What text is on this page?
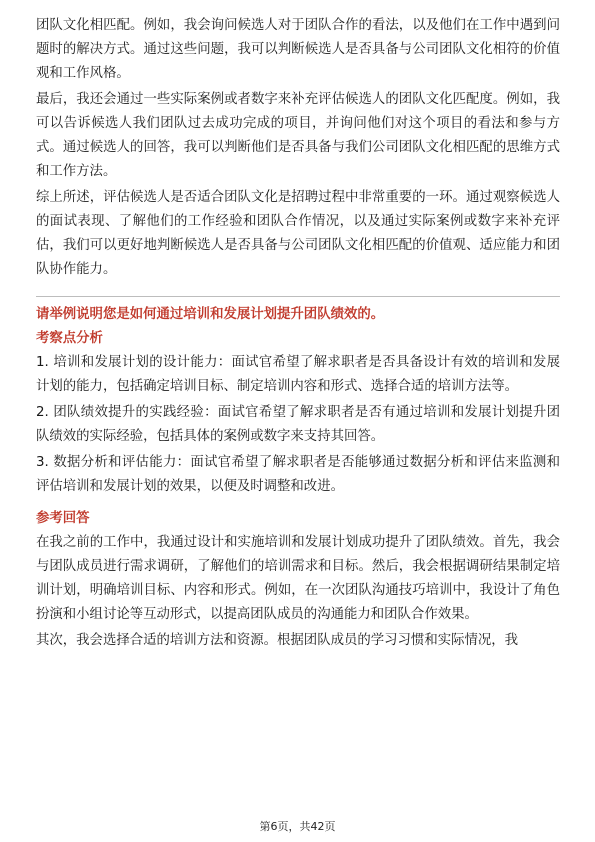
团队文化相匹配。例如，我会询问候选人对于团队合作的看法，以及他们在工作中遇到问题时的解决方式。通过这些问题，我可以判断候选人是否具备与公司团队文化相符的价值观和工作风格。

最后，我还会通过一些实际案例或者数字来补充评估候选人的团队文化匹配度。例如，我可以告诉候选人我们团队过去成功完成的项目，并询问他们对这个项目的看法和参与方式。通过候选人的回答，我可以判断他们是否具备与我们公司团队文化相匹配的思维方式和工作方法。

综上所述，评估候选人是否适合团队文化是招聘过程中非常重要的一环。通过观察候选人的面试表现、了解他们的工作经验和团队合作情况，以及通过实际案例或数字来补充评估，我们可以更好地判断候选人是否具备与公司团队文化相匹配的价值观、适应能力和团队协作能力。

请举例说明您是如何通过培训和发展计划提升团队绩效的。

考察点分析

1. 培训和发展计划的设计能力：面试官希望了解求职者是否具备设计有效的培训和发展计划的能力，包括确定培训目标、制定培训内容和形式、选择合适的培训方法等。

2. 团队绩效提升的实践经验：面试官希望了解求职者是否有通过培训和发展计划提升团队绩效的实际经验，包括具体的案例或数字来支持其回答。

3. 数据分析和评估能力：面试官希望了解求职者是否能够通过数据分析和评估来监测和评估培训和发展计划的效果，以便及时调整和改进。

参考回答

在我之前的工作中，我通过设计和实施培训和发展计划成功提升了团队绩效。首先，我会与团队成员进行需求调研，了解他们的培训需求和目标。然后，我会根据调研结果制定培训计划，明确培训目标、内容和形式。例如，在一次团队沟通技巧培训中，我设计了角色扮演和小组讨论等互动形式，以提高团队成员的沟通能力和团队合作效果。

其次，我会选择合适的培训方法和资源。根据团队成员的学习习惯和实际情况，我

第6页，共42页
